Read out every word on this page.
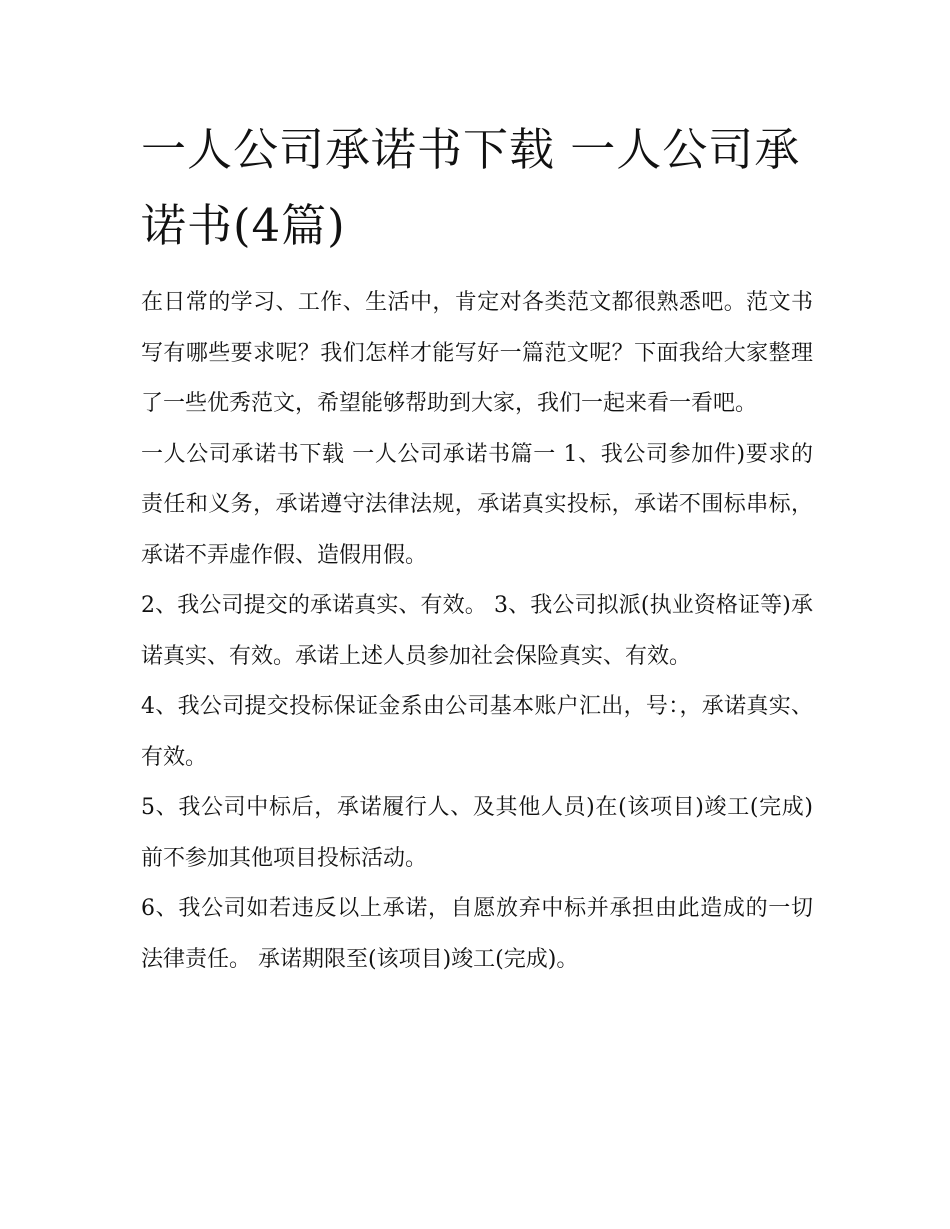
一人公司承诺书下载 一人公司承诺书(4篇)

在日常的学习、工作、生活中，肯定对各类范文都很熟悉吧。范文书写有哪些要求呢？我们怎样才能写好一篇范文呢？下面我给大家整理了一些优秀范文，希望能够帮助到大家，我们一起来看一看吧。

一人公司承诺书下载 一人公司承诺书篇一 1、我公司参加件)要求的责任和义务，承诺遵守法律法规，承诺真实投标，承诺不围标串标，承诺不弄虚作假、造假用假。

2、我公司提交的承诺真实、有效。 3、我公司拟派(执业资格证等)承诺真实、有效。承诺上述人员参加社会保险真实、有效。

4、我公司提交投标保证金系由公司基本账户汇出，号：，承诺真实、有效。

5、我公司中标后，承诺履行人、及其他人员)在(该项目)竣工(完成)前不参加其他项目投标活动。

6、我公司如若违反以上承诺，自愿放弃中标并承担由此造成的一切法律责任。 承诺期限至(该项目)竣工(完成)。
